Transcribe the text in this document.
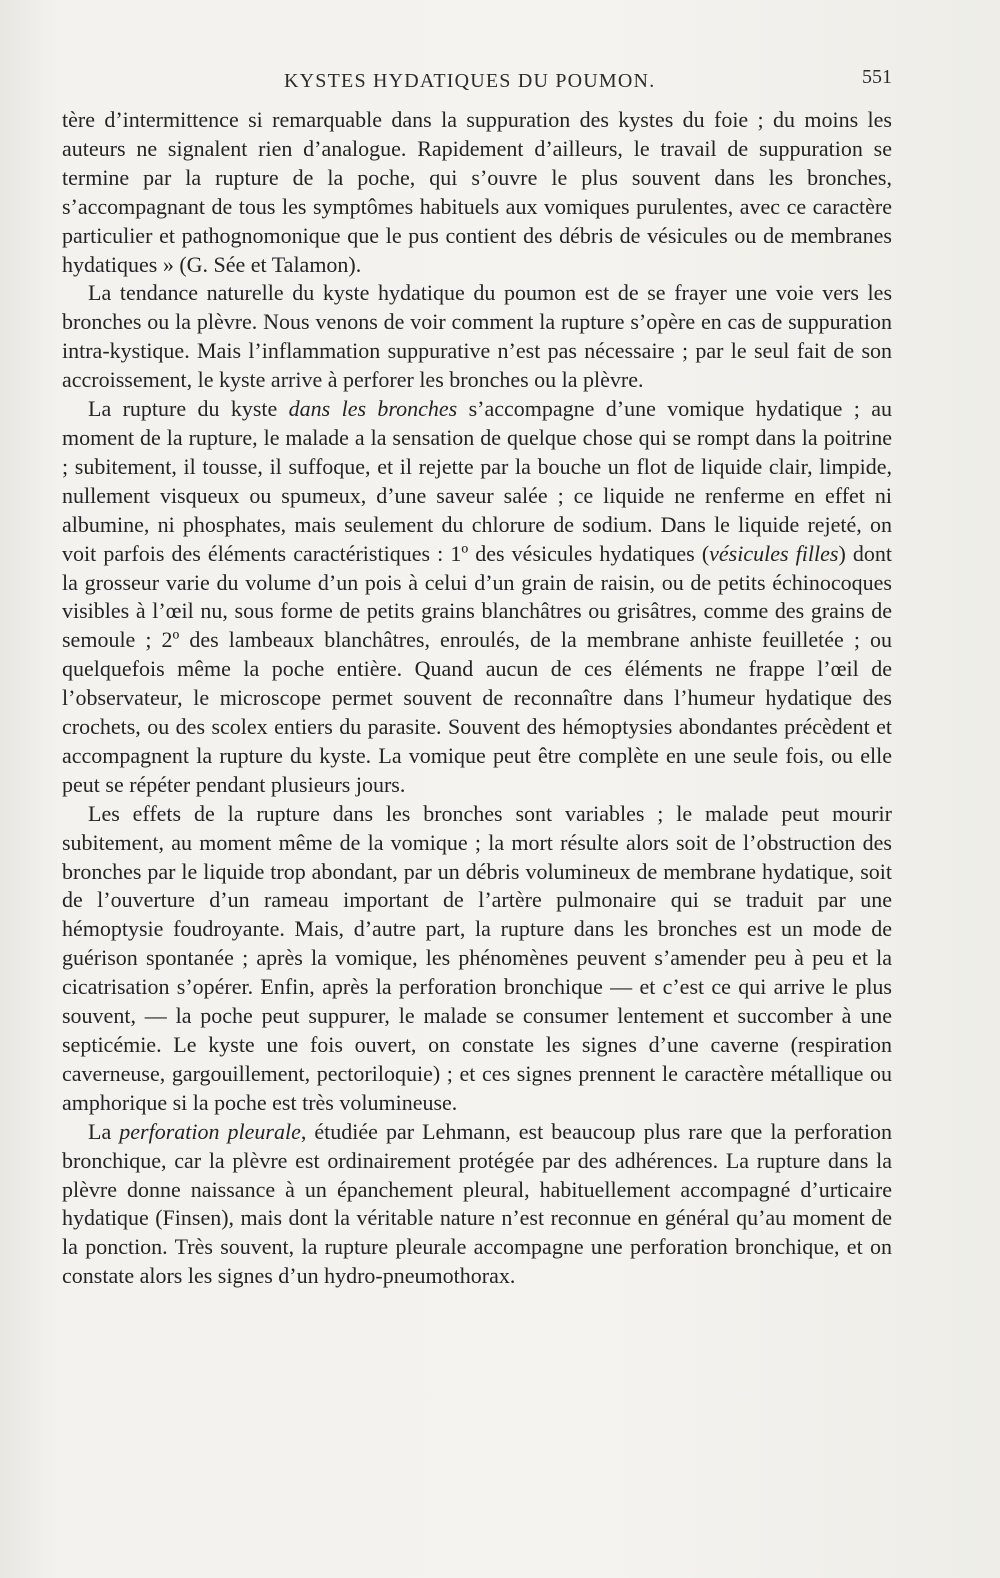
KYSTES HYDATIQUES DU POUMON.	551

tère d’intermittence si remarquable dans la suppuration des kystes du foie ; du moins les auteurs ne signalent rien d’analogue. Rapidement d’ailleurs, le travail de suppuration se termine par la rupture de la poche, qui s’ouvre le plus souvent dans les bronches, s’accompagnant de tous les symptômes habituels aux vomiques purulentes, avec ce caractère particulier et pathognomonique que le pus contient des débris de vésicules ou de membranes hydatiques » (G. Sée et Talamon).

La tendance naturelle du kyste hydatique du poumon est de se frayer une voie vers les bronches ou la plèvre. Nous venons de voir comment la rupture s’opère en cas de suppuration intra-kystique. Mais l’inflammation suppurative n’est pas nécessaire ; par le seul fait de son accroissement, le kyste arrive à perforer les bronches ou la plèvre.

La rupture du kyste dans les bronches s’accompagne d’une vomique hydatique ; au moment de la rupture, le malade a la sensation de quelque chose qui se rompt dans la poitrine ; subitement, il tousse, il suffoque, et il rejette par la bouche un flot de liquide clair, limpide, nullement visqueux ou spumeux, d’une saveur salée ; ce liquide ne renferme en effet ni albumine, ni phosphates, mais seulement du chlorure de sodium. Dans le liquide rejeté, on voit parfois des éléments caractéristiques : 1º des vésicules hydatiques (vésicules filles) dont la grosseur varie du volume d’un pois à celui d’un grain de raisin, ou de petits échinocoques visibles à l’œil nu, sous forme de petits grains blanchâtres ou grisâtres, comme des grains de semoule ; 2º des lambeaux blanchâtres, enroulés, de la membrane anhiste feuilletée ; ou quelquefois même la poche entière. Quand aucun de ces éléments ne frappe l’œil de l’observateur, le microscope permet souvent de reconnaître dans l’humeur hydatique des crochets, ou des scolex entiers du parasite. Souvent des hémoptysies abondantes précèdent et accompagnent la rupture du kyste. La vomique peut être complète en une seule fois, ou elle peut se répéter pendant plusieurs jours.

Les effets de la rupture dans les bronches sont variables ; le malade peut mourir subitement, au moment même de la vomique ; la mort résulte alors soit de l’obstruction des bronches par le liquide trop abondant, par un débris volumineux de membrane hydatique, soit de l’ouverture d’un rameau important de l’artère pulmonaire qui se traduit par une hémoptysie foudroyante. Mais, d’autre part, la rupture dans les bronches est un mode de guérison spontanée ; après la vomique, les phénomènes peuvent s’amender peu à peu et la cicatrisation s’opérer. Enfin, après la perforation bronchique — et c’est ce qui arrive le plus souvent, — la poche peut suppurer, le malade se consumer lentement et succomber à une septicémie. Le kyste une fois ouvert, on constate les signes d’une caverne (respiration caverneuse, gargouillement, pectoriloquie) ; et ces signes prennent le caractère métallique ou amphorique si la poche est très volumineuse.

La perforation pleurale, étudiée par Lehmann, est beaucoup plus rare que la perforation bronchique, car la plèvre est ordinairement protégée par des adhérences. La rupture dans la plèvre donne naissance à un épanchement pleural, habituellement accompagné d’urticaire hydatique (Finsen), mais dont la véritable nature n’est reconnue en général qu’au moment de la ponction. Très souvent, la rupture pleurale accompagne une perforation bronchique, et on constate alors les signes d’un hydro-pneumothorax.
